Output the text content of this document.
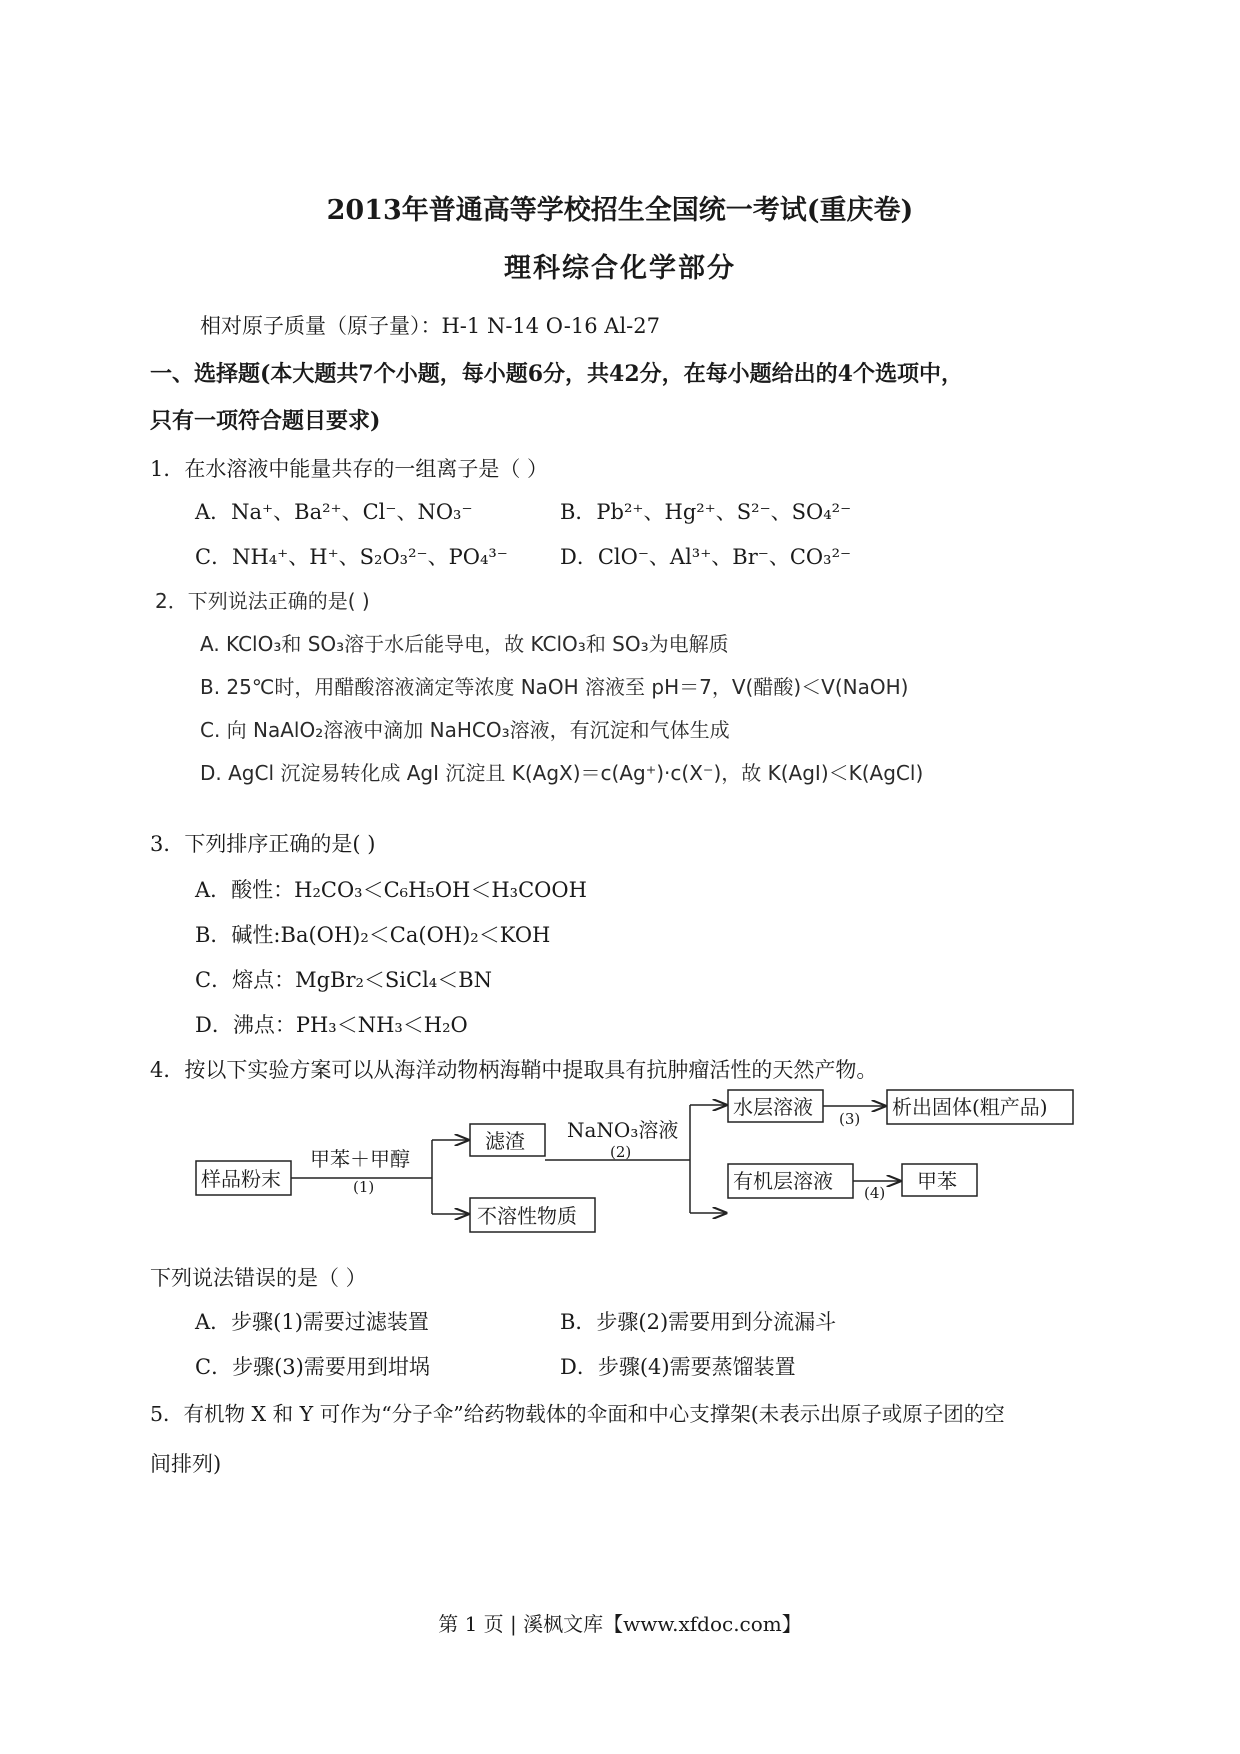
2013年普通高等学校招生全国统一考试(重庆卷)
理科综合化学部分
相对原子质量（原子量）：H-1 N-14 O-16 Al-27
一、选择题(本大题共7个小题，每小题6分，共42分，在每小题给出的4个选项中，
只有一项符合题目要求)
1．在水溶液中能量共存的一组离子是（ ）
A．Na⁺、Ba²⁺、Cl⁻、NO₃⁻	B．Pb²⁺、Hg²⁺、S²⁻、SO₄²⁻
C．NH₄⁺、H⁺、S₂O₃²⁻、PO₄³⁻ D．ClO⁻、Al³⁺、Br⁻、CO₃²⁻
2．下列说法正确的是( )
A. KClO₃和 SO₃溶于水后能导电，故 KClO₃和 SO₃为电解质
B. 25℃时，用醋酸溶液滴定等浓度 NaOH 溶液至 pH＝7，V(醋酸)＜V(NaOH)
C. 向 NaAlO₂溶液中滴加 NaHCO₃溶液，有沉淀和气体生成
D. AgCl 沉淀易转化成 AgI 沉淀且 K(AgX)＝c(Ag⁺)·c(X⁻)，故 K(AgI)＜K(AgCl)
3．下列排序正确的是( )
A．酸性：H₂CO₃＜C₆H₅OH＜H₃COOH
B．碱性:Ba(OH)₂＜Ca(OH)₂＜KOH
C．熔点：MgBr₂＜SiCl₄＜BN
D．沸点：PH₃＜NH₃＜H₂O
4．按以下实验方案可以从海洋动物柄海鞘中提取具有抗肿瘤活性的天然产物。
样品粉末
甲苯＋甲醇
(1)
滤渣
不溶性物质
NaNO₃溶液
(2)
水层溶液 (3) 析出固体(粗产品)
有机层溶液 (4) 甲苯
下列说法错误的是（ ）
A．步骤(1)需要过滤装置	B．步骤(2)需要用到分流漏斗
C．步骤(3)需要用到坩埚	D．步骤(4)需要蒸馏装置
5．有机物 X 和 Y 可作为“分子伞”给药物载体的伞面和中心支撑架(未表示出原子或原子团的空
间排列)
第 1 页 | 溪枫文库【www.xfdoc.com】
